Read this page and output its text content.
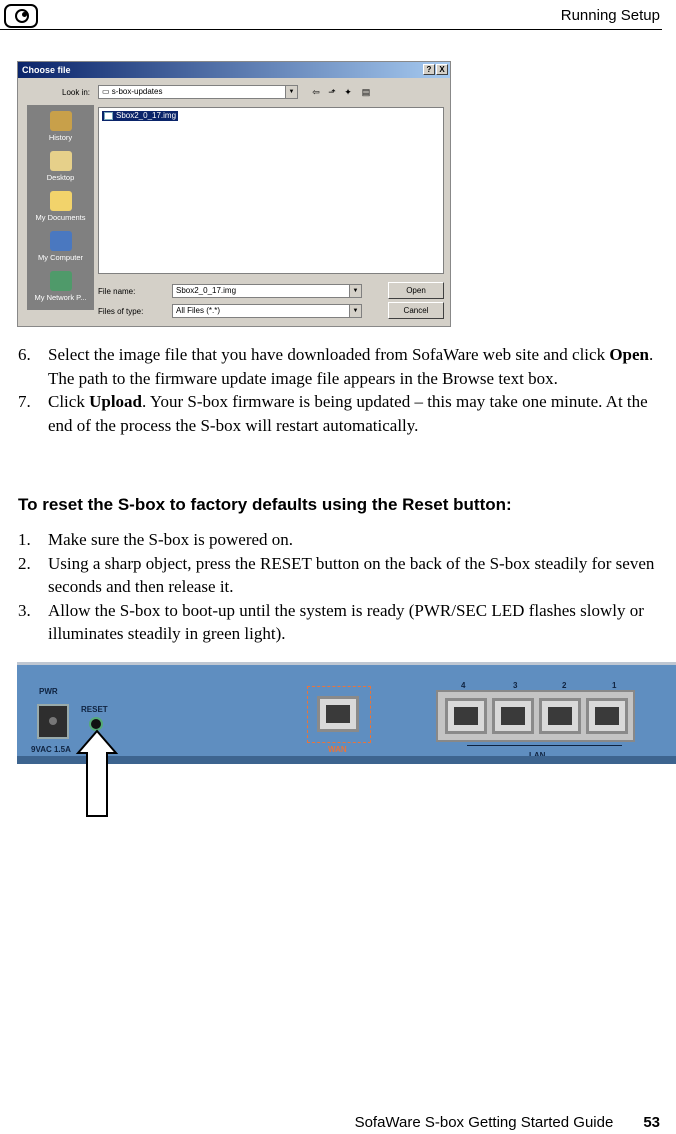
Running Setup
Choose file	? X
Look in:	▭ s-box-updates	▼ ⇦ ⬏ ✦ ▤
History
Desktop
My Documents
My Computer
My Network P...
Sbox2_0_17.img
File name:	Sbox2_0_17.img	▼
Files of type:	All Files (*.*)	▼
Open
Cancel
6. Select the image file that you have downloaded from SofaWare web site and click Open. The path to the firmware update image file appears in the Browse text box.
7. Click Upload. Your S-box firmware is being updated – this may take one minute. At the end of the process the S-box will restart automatically.
To reset the S-box to factory defaults using the Reset button:
1. Make sure the S-box is powered on.
2. Using a sharp object, press the RESET button on the back of the S-box steadily for seven seconds and then release it.
3. Allow the S-box to boot-up until the system is ready (PWR/SEC LED flashes slowly or illuminates steadily in green light).
PWR
RESET
9VAC 1.5A	WAN
4	3	2	1
SofaWare S-box Getting Started Guide 53
